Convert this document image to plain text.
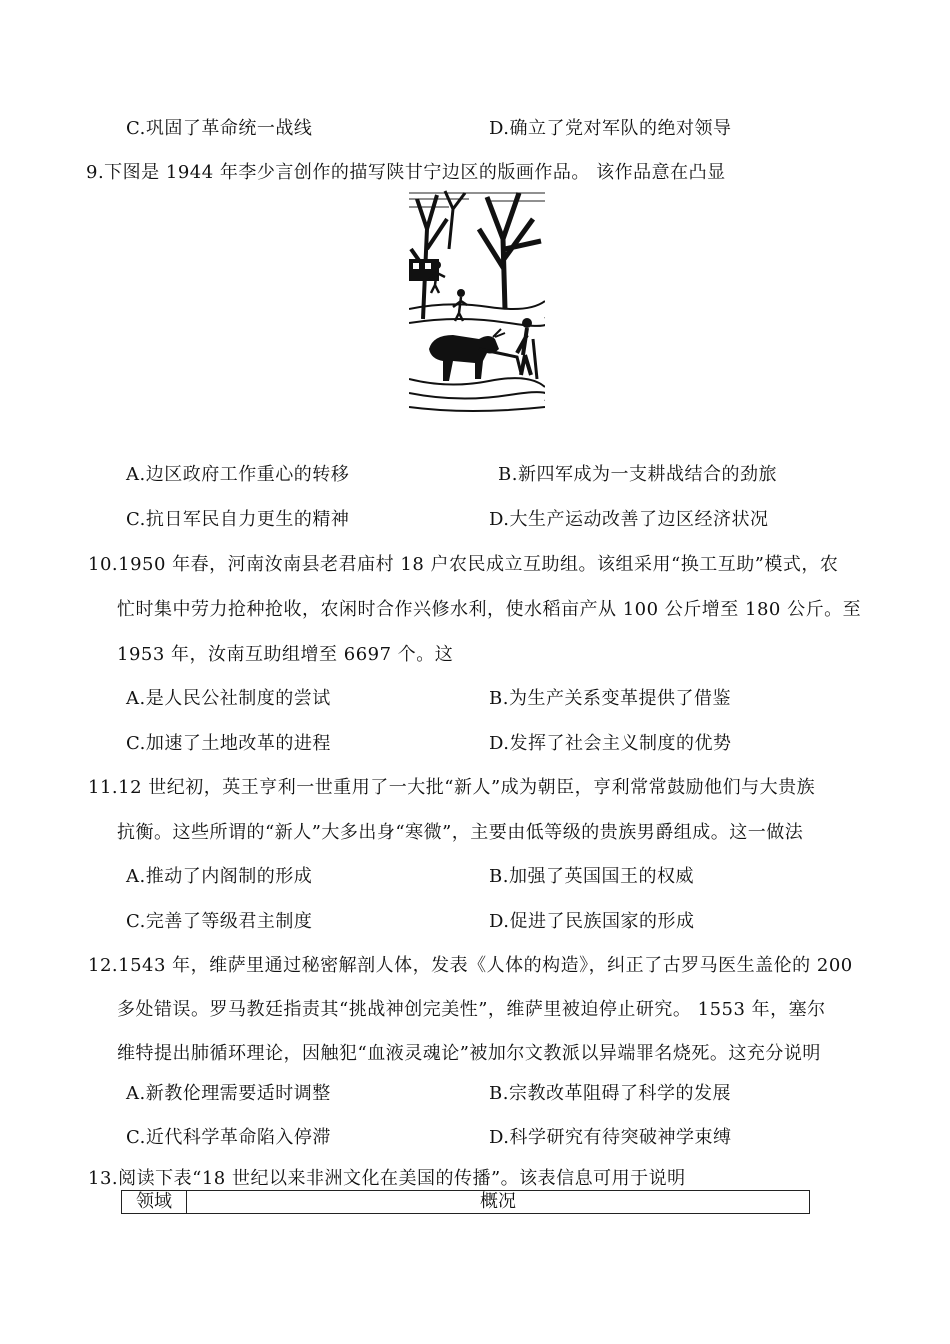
C.巩固了革命统一战线	D.确立了党对军队的绝对领导
9.下图是 1944 年李少言创作的描写陕甘宁边区的版画作品。 该作品意在凸显
A.边区政府工作重心的转移	B.新四军成为一支耕战结合的劲旅
C.抗日军民自力更生的精神	D.大生产运动改善了边区经济状况
10.1950 年春，河南汝南县老君庙村 18 户农民成立互助组。该组采用“换工互助”模式，农
忙时集中劳力抢种抢收，农闲时合作兴修水利，使水稻亩产从 100 公斤增至 180 公斤。至
1953 年，汝南互助组增至 6697 个。这
A.是人民公社制度的尝试	B.为生产关系变革提供了借鉴
C.加速了土地改革的进程	D.发挥了社会主义制度的优势
11.12 世纪初，英王亨利一世重用了一大批“新人”成为朝臣，亨利常常鼓励他们与大贵族
抗衡。这些所谓的“新人”大多出身“寒微”，主要由低等级的贵族男爵组成。这一做法
A.推动了内阁制的形成	B.加强了英国国王的权威
C.完善了等级君主制度	D.促进了民族国家的形成
12.1543 年，维萨里通过秘密解剖人体，发表《人体的构造》，纠正了古罗马医生盖伦的 200
多处错误。罗马教廷指责其“挑战神创完美性”，维萨里被迫停止研究。 1553 年，塞尔
维特提出肺循环理论，因触犯“血液灵魂论”被加尔文教派以异端罪名烧死。这充分说明
A.新教伦理需要适时调整	B.宗教改革阻碍了科学的发展
C.近代科学革命陷入停滞	D.科学研究有待突破神学束缚
13.阅读下表“18 世纪以来非洲文化在美国的传播”。该表信息可用于说明
领域	概况
